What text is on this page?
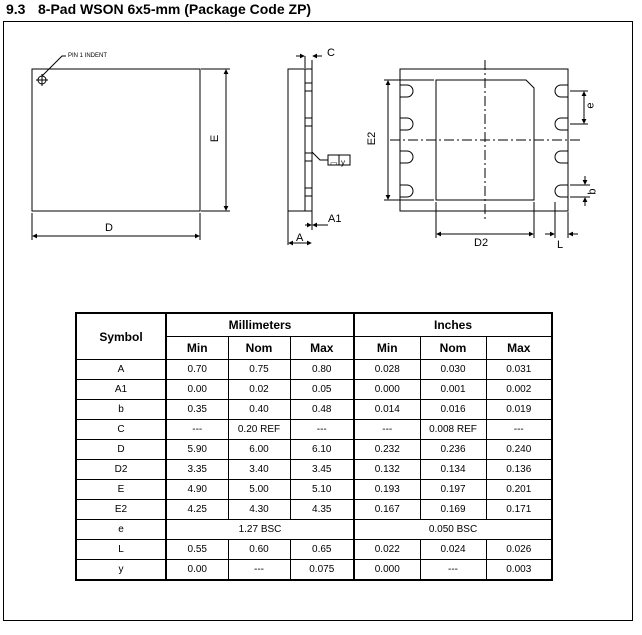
9.3 8-Pad WSON 6x5-mm (Package Code ZP)
PIN 1 INDENT
D
E
C
▭ y
A1
A
E2
D2
e
b
L
Symbol	Millimeters			Inches		
	Min	Nom	Max	Min	Nom	Max
A	0.70	0.75	0.80	0.028	0.030	0.031
A1	0.00	0.02	0.05	0.000	0.001	0.002
b	0.35	0.40	0.48	0.014	0.016	0.019
C	---	0.20 REF	---	---	0.008 REF	---
D	5.90	6.00	6.10	0.232	0.236	0.240
D2	3.35	3.40	3.45	0.132	0.134	0.136
E	4.90	5.00	5.10	0.193	0.197	0.201
E2	4.25	4.30	4.35	0.167	0.169	0.171
e	1.27 BSC			0.050 BSC		
L	0.55	0.60	0.65	0.022	0.024	0.026
y	0.00	---	0.075	0.000	---	0.003
